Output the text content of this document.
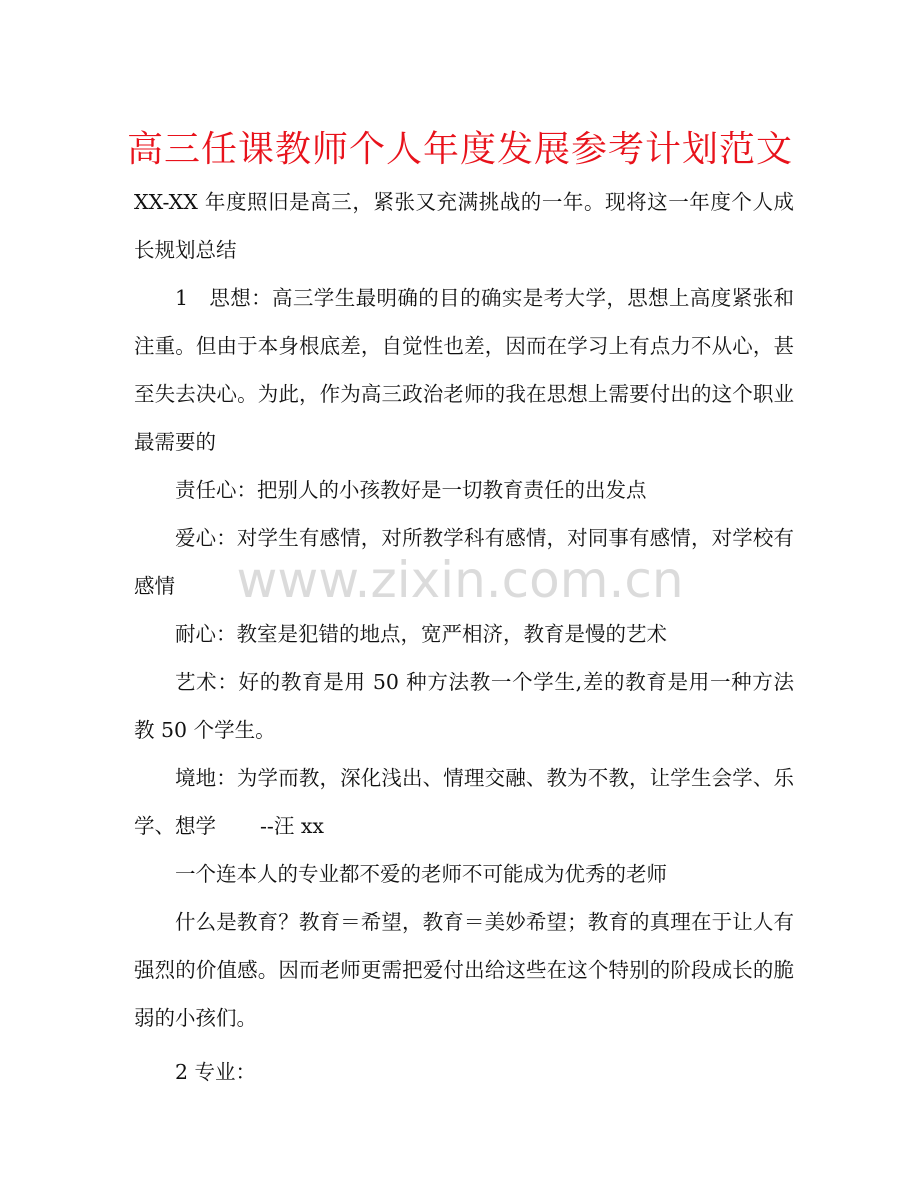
高三任课教师个人年度发展参考计划范文

XX-XX 年度照旧是高三，紧张又充满挑战的一年。现将这一年度个人成长规划总结

1　思想：高三学生最明确的目的确实是考大学，思想上高度紧张和注重。但由于本身根底差，自觉性也差，因而在学习上有点力不从心，甚至失去决心。为此，作为高三政治老师的我在思想上需要付出的这个职业最需要的

责任心：把别人的小孩教好是一切教育责任的出发点

爱心：对学生有感情，对所教学科有感情，对同事有感情，对学校有感情

耐心：教室是犯错的地点，宽严相济，教育是慢的艺术

艺术：好的教育是用 50 种方法教一个学生,差的教育是用一种方法教 50 个学生。

境地：为学而教，深化浅出、情理交融、教为不教，让学生会学、乐学、想学 --汪 xx

一个连本人的专业都不爱的老师不可能成为优秀的老师

什么是教育？教育＝希望，教育＝美妙希望；教育的真理在于让人有强烈的价值感。因而老师更需把爱付出给这些在这个特别的阶段成长的脆弱的小孩们。

2 专业：

www.zixin.com.cn
